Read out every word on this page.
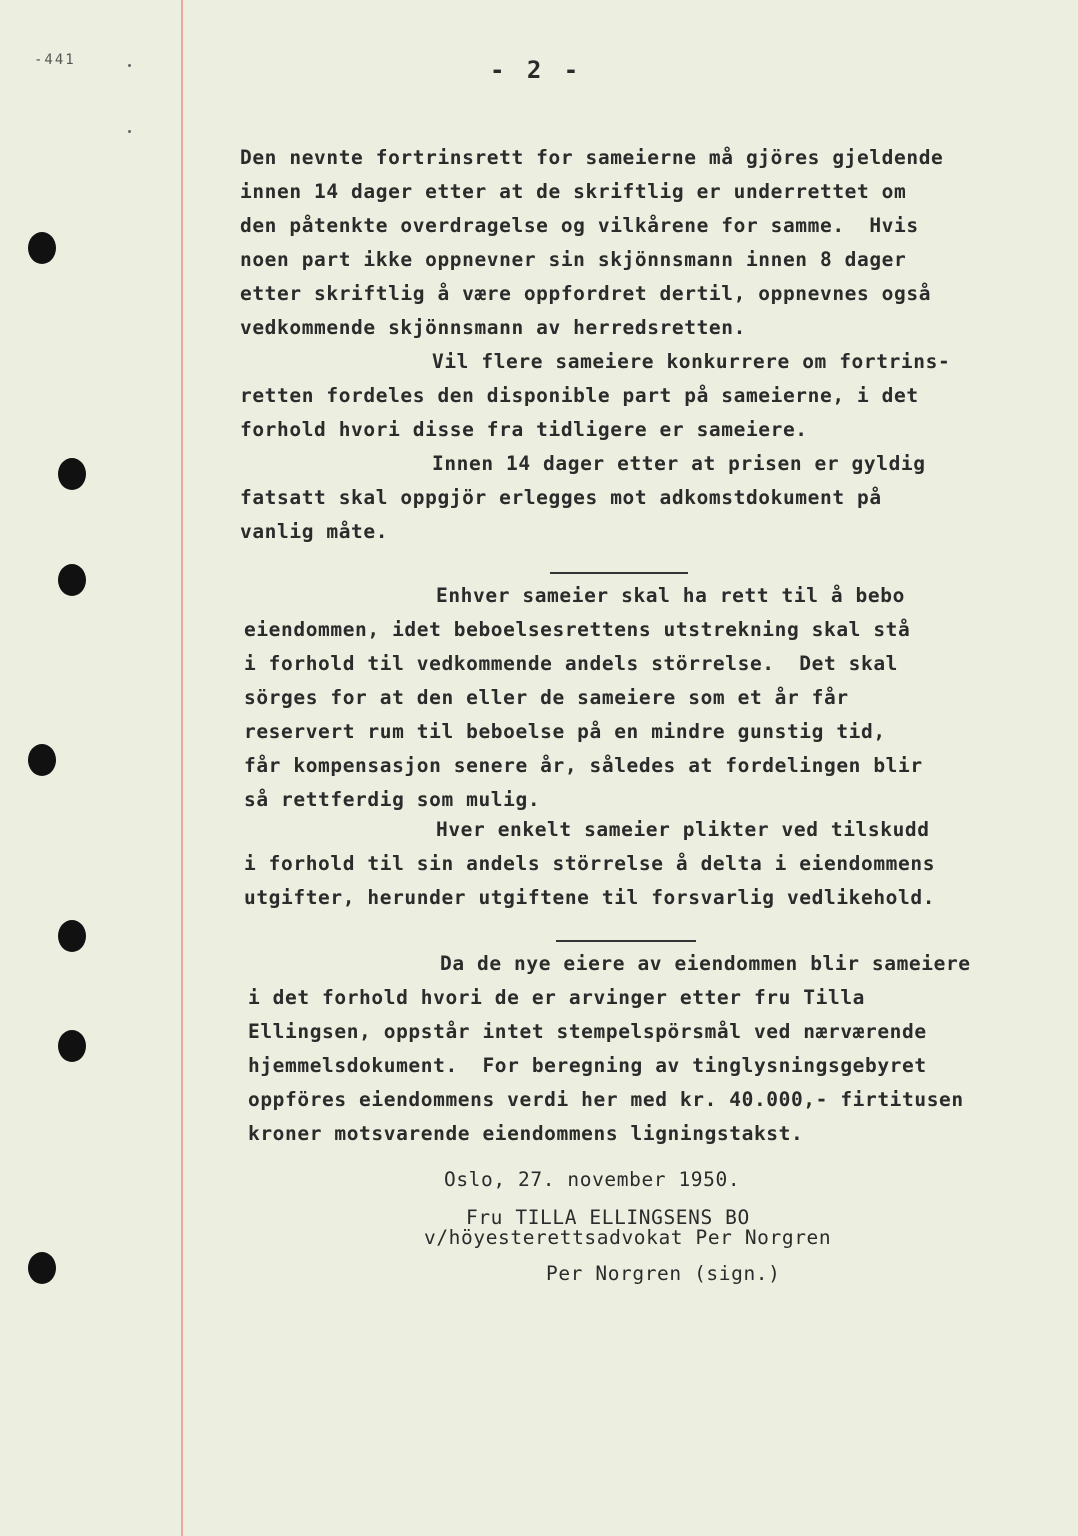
-441	- 2 -
Den nevnte fortrinsrett for sameierne må gjöres gjeldende
innen 14 dager etter at de skriftlig er underrettet om
den påtenkte overdragelse og vilkårene for samme.  Hvis
noen part ikke oppnevner sin skjönnsmann innen 8 dager
etter skriftlig å være oppfordret dertil, oppnevnes også
vedkommende skjönnsmann av herredsretten.
Vil flere sameiere konkurrere om fortrins-
retten fordeles den disponible part på sameierne, i det
forhold hvori disse fra tidligere er sameiere.
Innen 14 dager etter at prisen er gyldig
fatsatt skal oppgjör erlegges mot adkomstdokument på
vanlig måte.
Enhver sameier skal ha rett til å bebo
eiendommen, idet beboelsesrettens utstrekning skal stå
i forhold til vedkommende andels störrelse.  Det skal
sörges for at den eller de sameiere som et år får
reservert rum til beboelse på en mindre gunstig tid,
får kompensasjon senere år, således at fordelingen blir
så rettferdig som mulig.
Hver enkelt sameier plikter ved tilskudd
i forhold til sin andels störrelse å delta i eiendommens
utgifter, herunder utgiftene til forsvarlig vedlikehold.
Da de nye eiere av eiendommen blir sameiere
i det forhold hvori de er arvinger etter fru Tilla
Ellingsen, oppstår intet stempelspörsmål ved nærværende
hjemmelsdokument.  For beregning av tinglysningsgebyret
oppföres eiendommens verdi her med kr. 40.000,- firtitusen
kroner motsvarende eiendommens ligningstakst.
Oslo, 27. november 1950.
Fru TILLA ELLINGSENS BO
v/höyesterettsadvokat Per Norgren
Per Norgren (sign.)
